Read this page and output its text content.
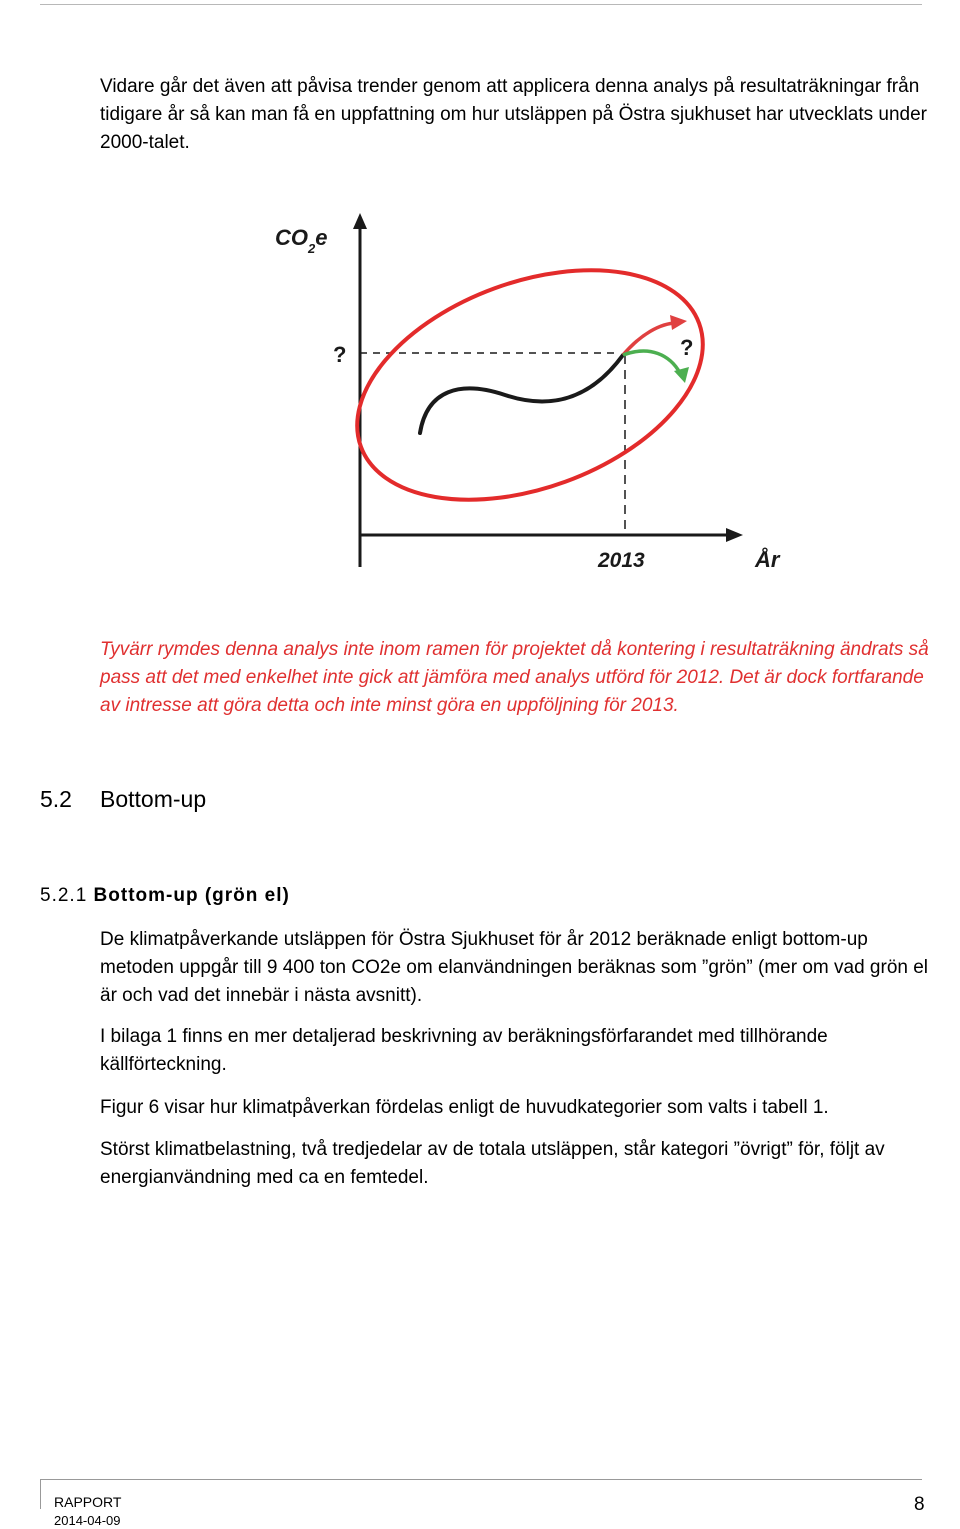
Vidare går det även att påvisa trender genom att applicera denna analys på resultaträkningar från tidigare år så kan man få en uppfattning om hur utsläppen på Östra sjukhuset har utvecklats under 2000-talet.

$CO_2e$
?	?
2013	År

Tyvärr rymdes denna analys inte inom ramen för projektet då kontering i resultaträkning ändrats så pass att det med enkelhet inte gick att jämföra med analys utförd för 2012. Det är dock fortfarande av intresse att göra detta och inte minst göra en uppföljning för 2013.

5.2 Bottom-up
5.2.1 Bottom-up (grön el)

De klimatpåverkande utsläppen för Östra Sjukhuset för år 2012 beräknade enligt bottom-up metoden uppgår till 9 400 ton CO2e om elanvändningen beräknas som ”grön” (mer om vad grön el är och vad det innebär i nästa avsnitt).

I bilaga 1 finns en mer detaljerad beskrivning av beräkningsförfarandet med tillhörande källförteckning.

Figur 6 visar hur klimatpåverkan fördelas enligt de huvudkategorier som valts i tabell 1.

Störst klimatbelastning, två tredjedelar av de totala utsläppen, står kategori ”övrigt” för, följt av energianvändning med ca en femtedel.

RAPPORT
2014-04-09
8
